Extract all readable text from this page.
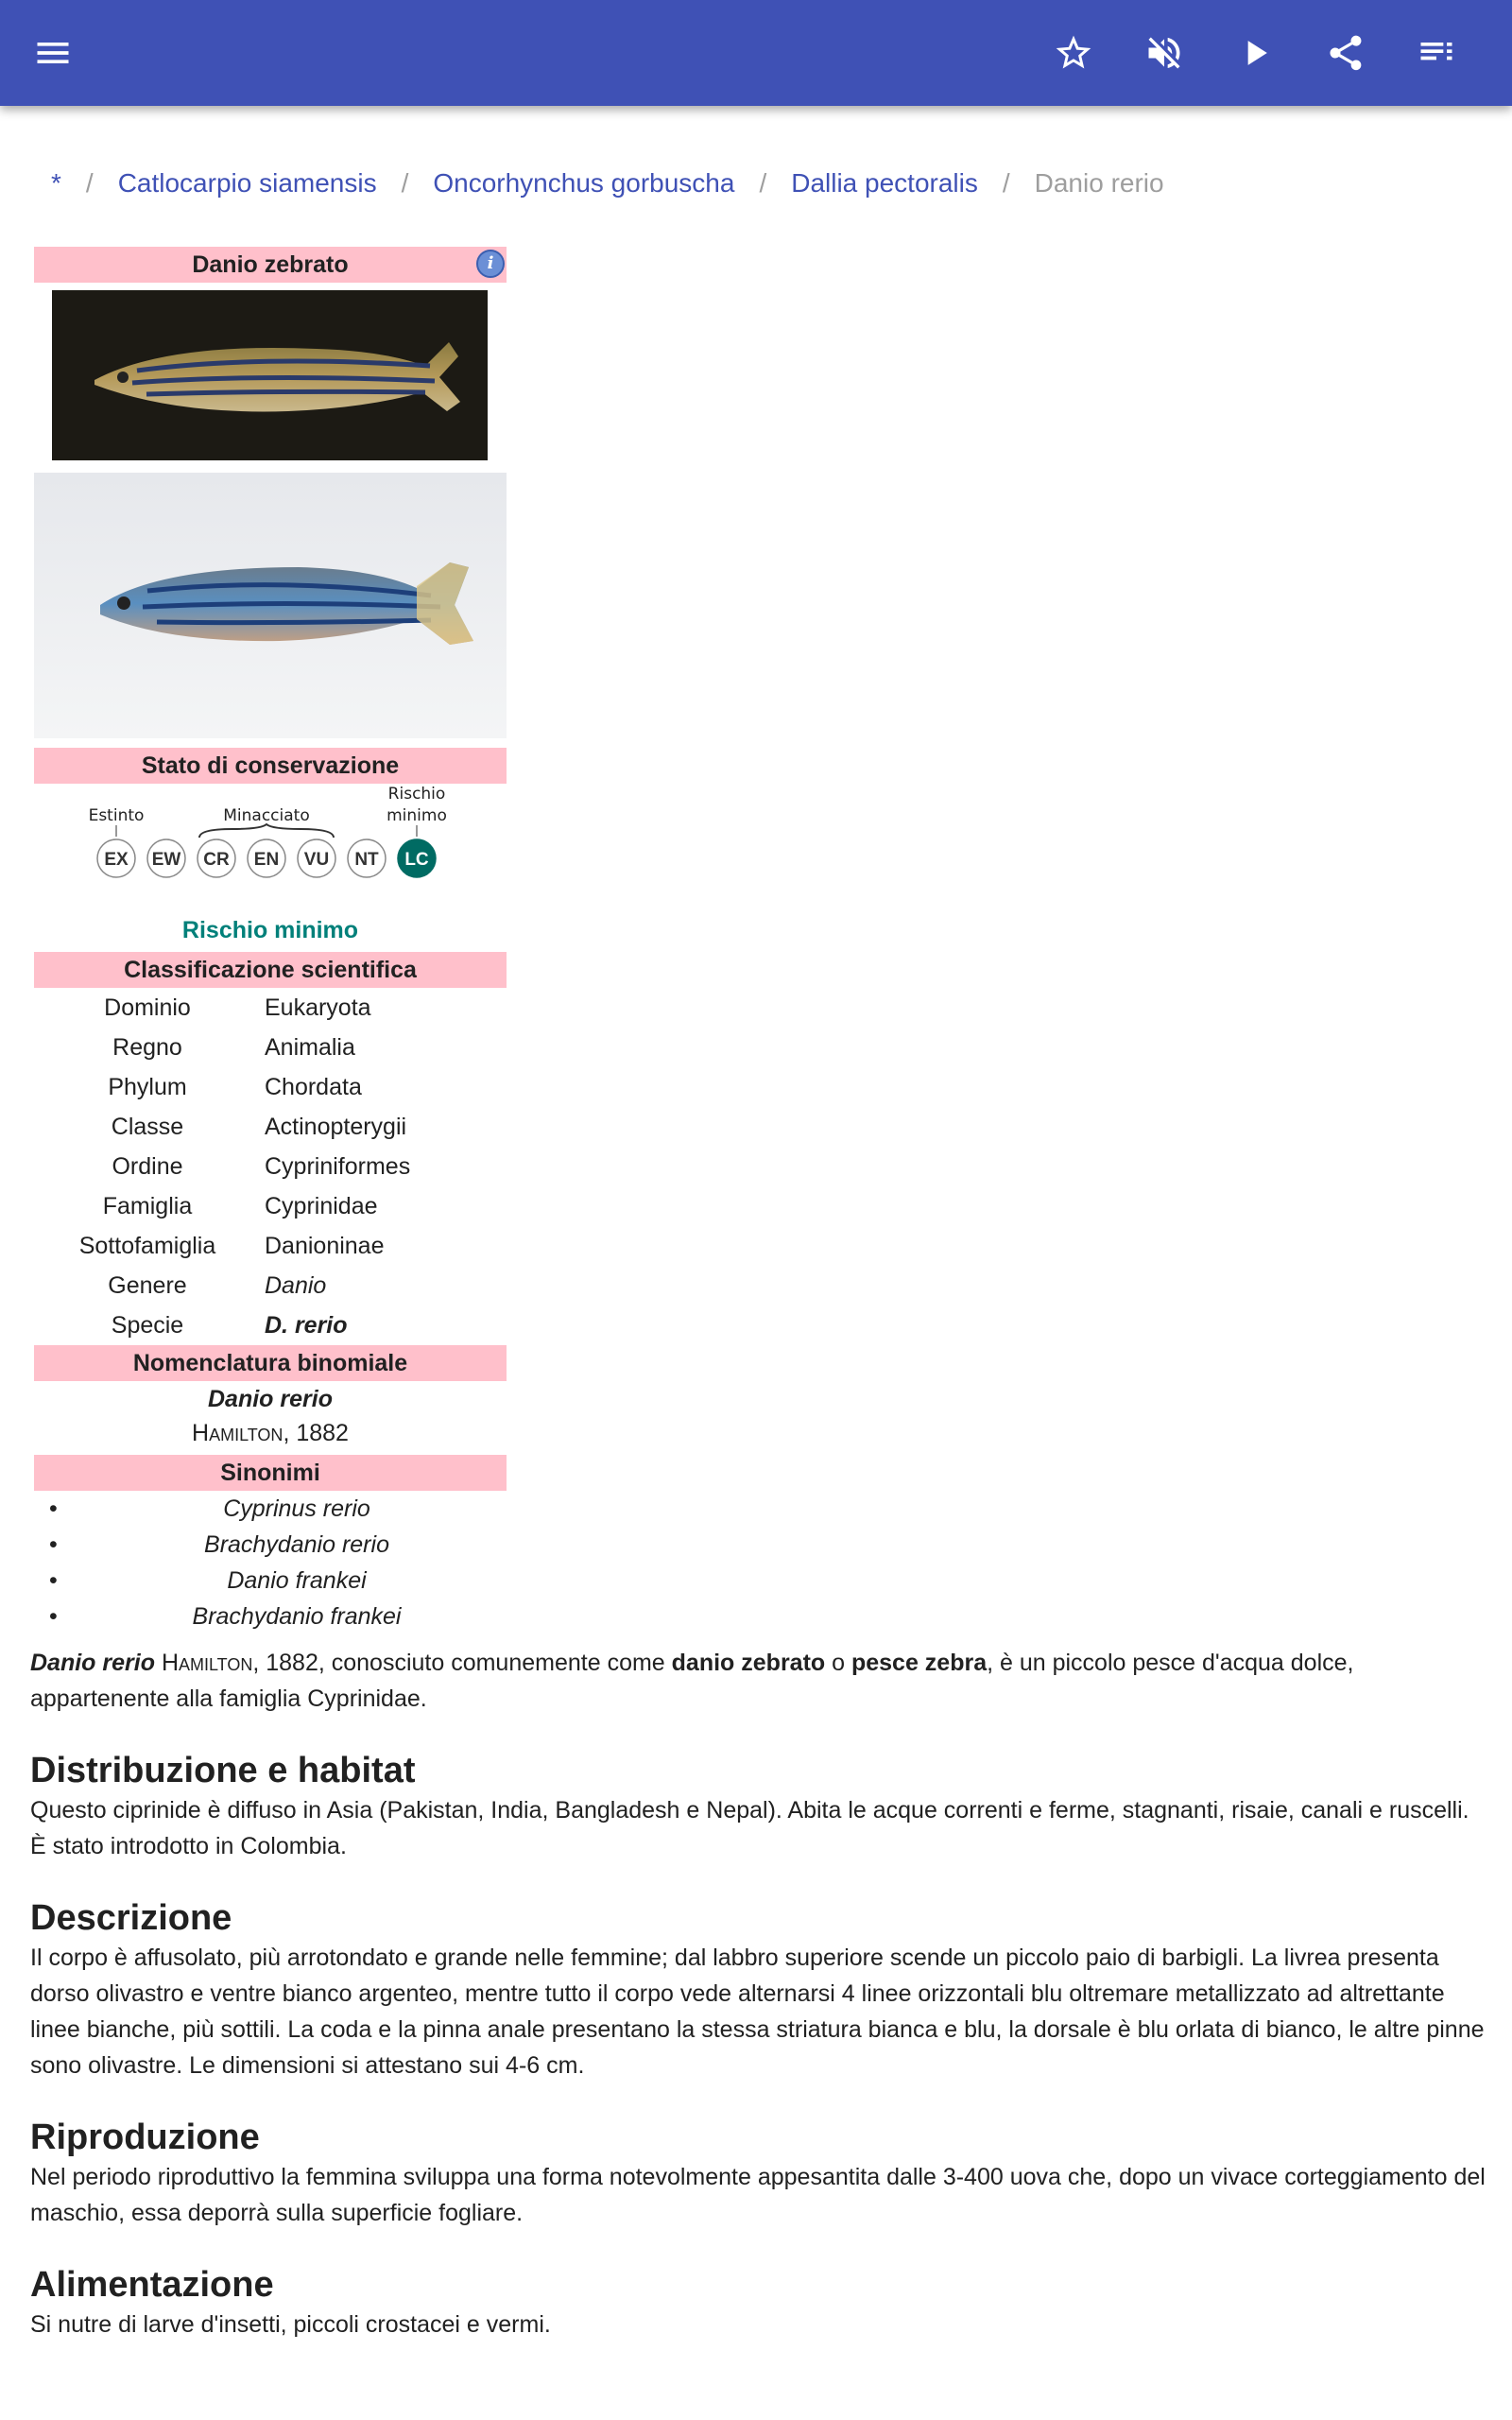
* / Catlocarpio siamensis / Oncorhynchus gorbuscha / Dallia pectoralis / Danio rerio
Danio zebrato	i
Stato di conservazione
EX EW CR EN VU NT LC
Estinto	Minacciato
Rischio
minimo
Rischio minimo
Classificazione scientifica
Dominio	Eukaryota
Regno	Animalia
Phylum	Chordata
Classe	Actinopterygii
Ordine	Cypriniformes
Famiglia	Cyprinidae
Sottofamiglia	Danioninae
Genere	Danio
Specie	D. rerio
Nomenclatura binomiale
Danio rerio
Hamilton, 1882
Sinonimi
• Cyprinus rerio
• Brachydanio rerio
• Danio frankei
• Brachydanio frankei

Danio rerio Hamilton, 1882, conosciuto comunemente come danio zebrato o pesce zebra, è un piccolo pesce d'acqua dolce, appartenente alla famiglia Cyprinidae.

Distribuzione e habitat

Questo ciprinide è diffuso in Asia (Pakistan, India, Bangladesh e Nepal). Abita le acque correnti e ferme, stagnanti, risaie, canali e ruscelli. È stato introdotto in Colombia.

Descrizione

Il corpo è affusolato, più arrotondato e grande nelle femmine; dal labbro superiore scende un piccolo paio di barbigli. La livrea presenta dorso olivastro e ventre bianco argenteo, mentre tutto il corpo vede alternarsi 4 linee orizzontali blu oltremare metallizzato ad altrettante linee bianche, più sottili. La coda e la pinna anale presentano la stessa striatura bianca e blu, la dorsale è blu orlata di bianco, le altre pinne sono olivastre. Le dimensioni si attestano sui 4-6 cm.

Riproduzione

Nel periodo riproduttivo la femmina sviluppa una forma notevolmente appesantita dalle 3-400 uova che, dopo un vivace corteggiamento del maschio, essa deporrà sulla superficie fogliare.

Alimentazione

Si nutre di larve d'insetti, piccoli crostacei e vermi.
